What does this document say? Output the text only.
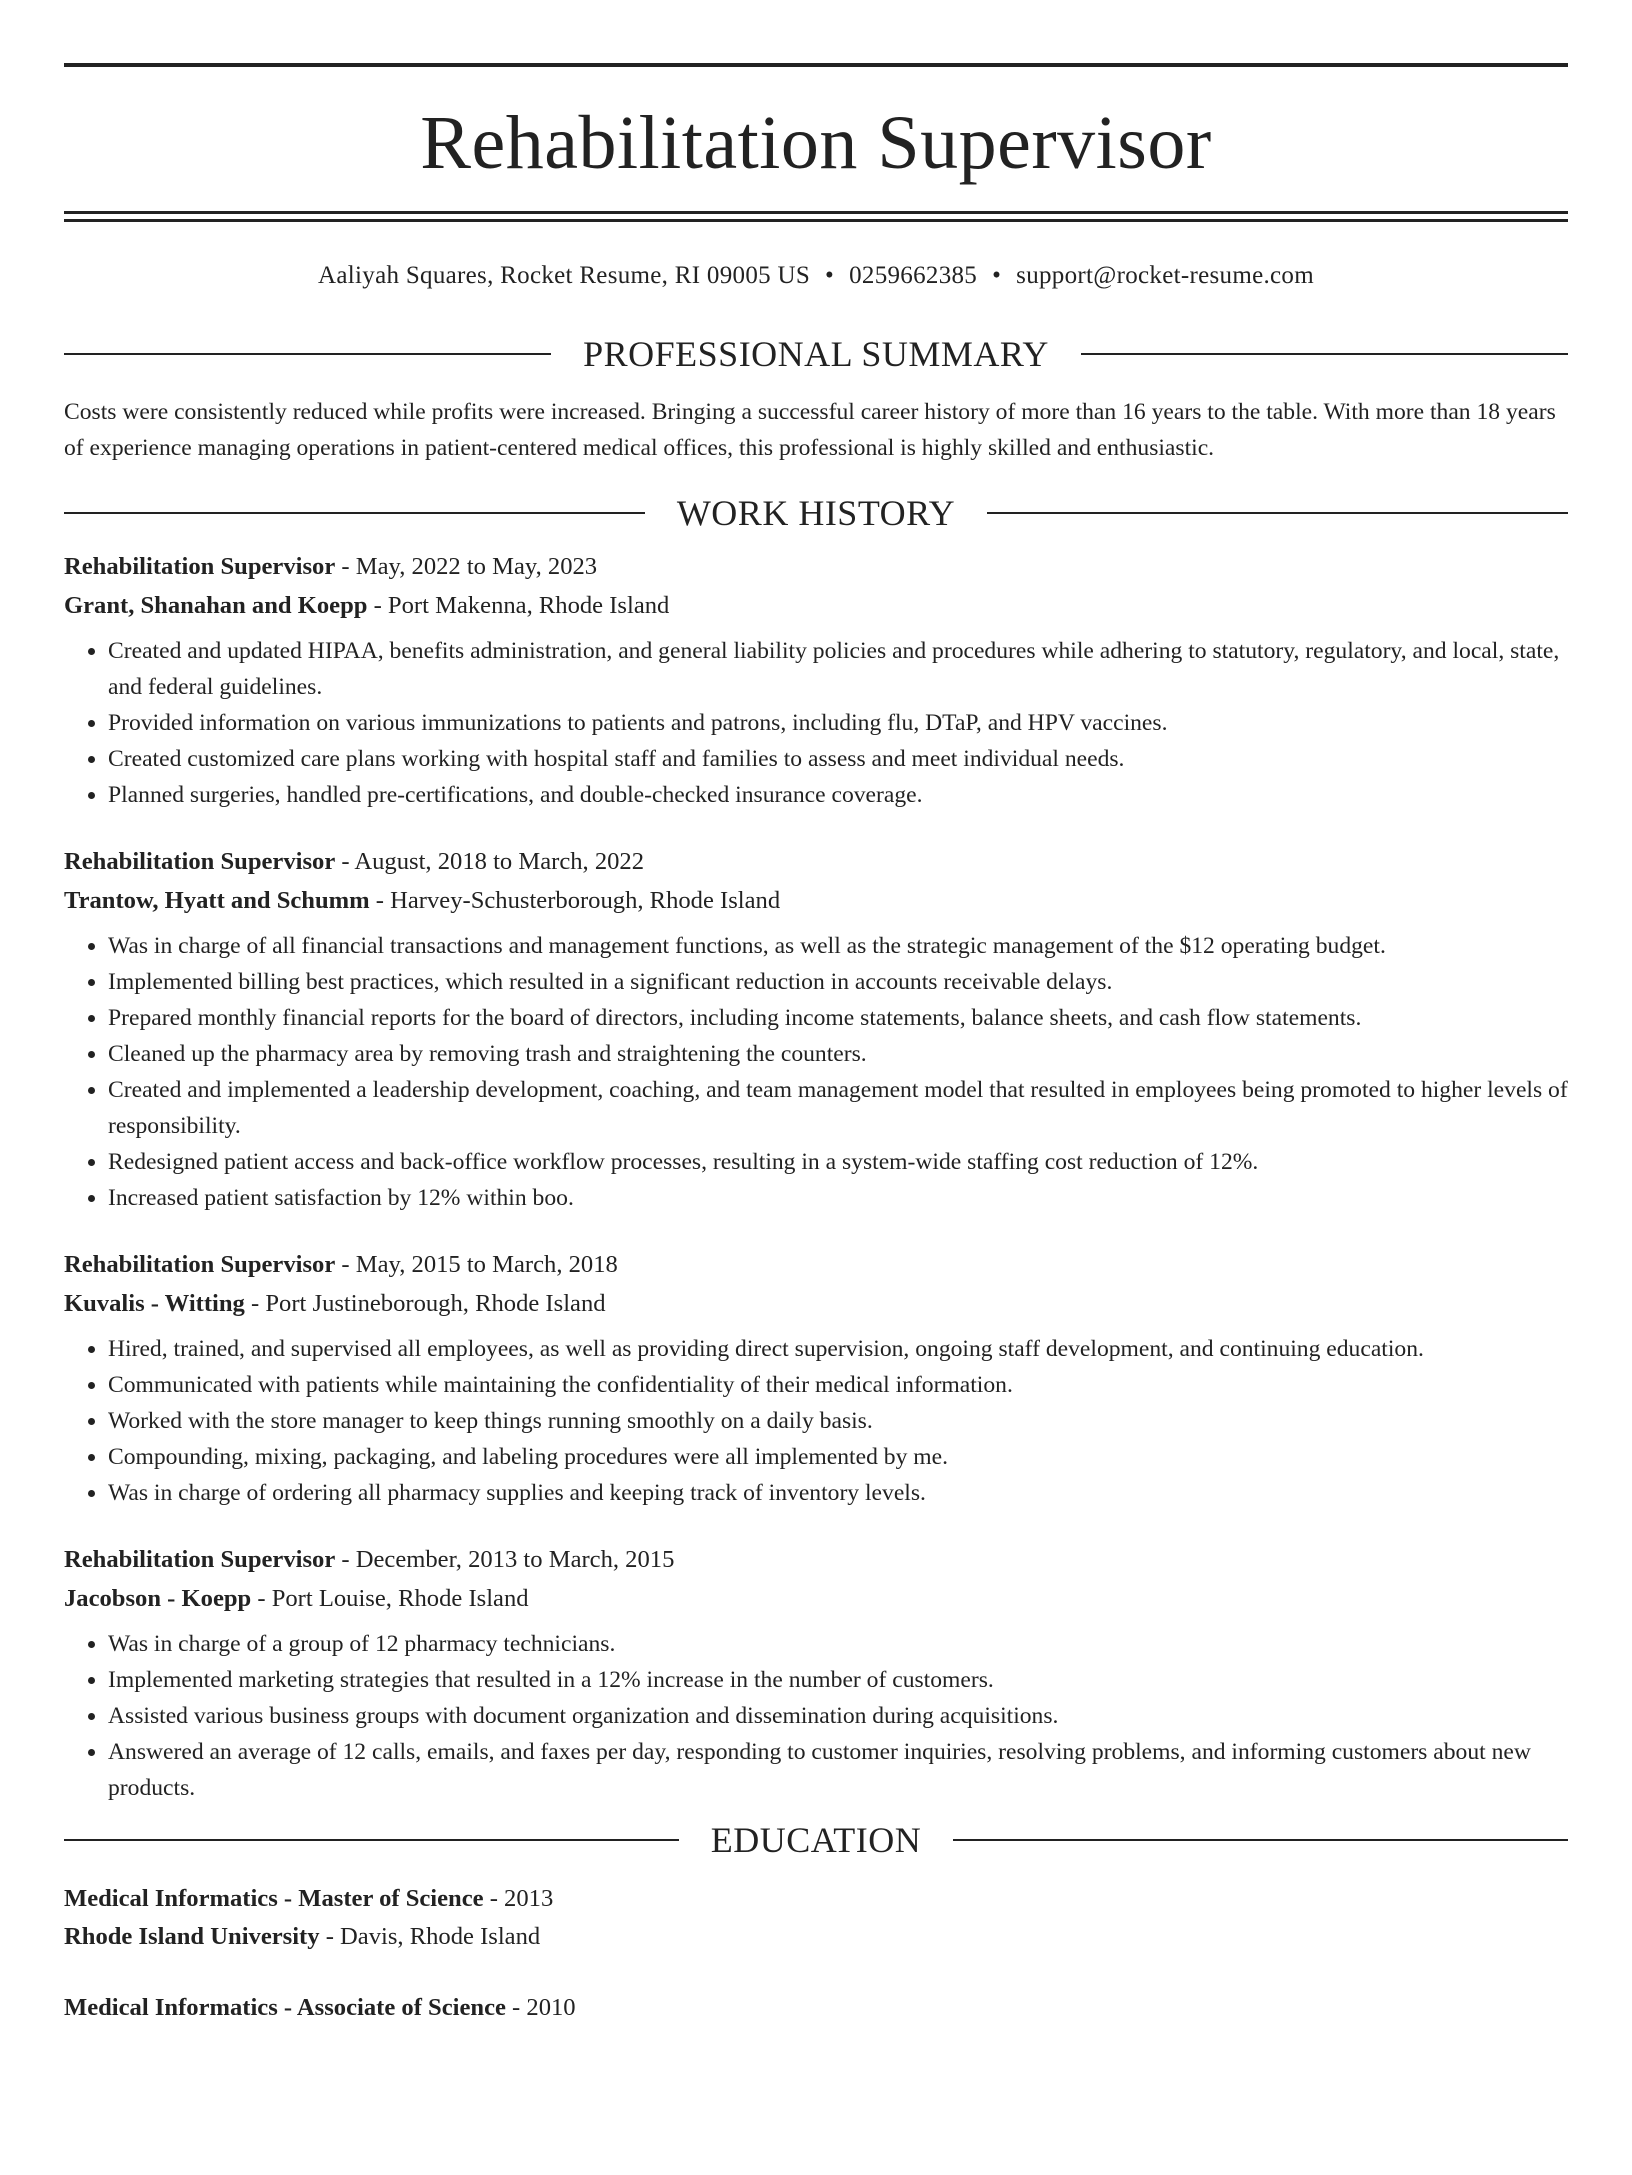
Rehabilitation Supervisor
Aaliyah Squares, Rocket Resume, RI 09005 US • 0259662385 • support@rocket-resume.com
PROFESSIONAL SUMMARY
Costs were consistently reduced while profits were increased. Bringing a successful career history of more than 16 years to the table. With more than 18 years of experience managing operations in patient-centered medical offices, this professional is highly skilled and enthusiastic.
WORK HISTORY
Rehabilitation Supervisor - May, 2022 to May, 2023
Grant, Shanahan and Koepp - Port Makenna, Rhode Island
• Created and updated HIPAA, benefits administration, and general liability policies and procedures while adhering to statutory, regulatory, and local, state, and federal guidelines.
• Provided information on various immunizations to patients and patrons, including flu, DTaP, and HPV vaccines.
• Created customized care plans working with hospital staff and families to assess and meet individual needs.
• Planned surgeries, handled pre-certifications, and double-checked insurance coverage.
Rehabilitation Supervisor - August, 2018 to March, 2022
Trantow, Hyatt and Schumm - Harvey-Schusterborough, Rhode Island
• Was in charge of all financial transactions and management functions, as well as the strategic management of the $12 operating budget.
• Implemented billing best practices, which resulted in a significant reduction in accounts receivable delays.
• Prepared monthly financial reports for the board of directors, including income statements, balance sheets, and cash flow statements.
• Cleaned up the pharmacy area by removing trash and straightening the counters.
• Created and implemented a leadership development, coaching, and team management model that resulted in employees being promoted to higher levels of responsibility.
• Redesigned patient access and back-office workflow processes, resulting in a system-wide staffing cost reduction of 12%.
• Increased patient satisfaction by 12% within boo.
Rehabilitation Supervisor - May, 2015 to March, 2018
Kuvalis - Witting - Port Justineborough, Rhode Island
• Hired, trained, and supervised all employees, as well as providing direct supervision, ongoing staff development, and continuing education.
• Communicated with patients while maintaining the confidentiality of their medical information.
• Worked with the store manager to keep things running smoothly on a daily basis.
• Compounding, mixing, packaging, and labeling procedures were all implemented by me.
• Was in charge of ordering all pharmacy supplies and keeping track of inventory levels.
Rehabilitation Supervisor - December, 2013 to March, 2015
Jacobson - Koepp - Port Louise, Rhode Island
• Was in charge of a group of 12 pharmacy technicians.
• Implemented marketing strategies that resulted in a 12% increase in the number of customers.
• Assisted various business groups with document organization and dissemination during acquisitions.
• Answered an average of 12 calls, emails, and faxes per day, responding to customer inquiries, resolving problems, and informing customers about new products.
EDUCATION
Medical Informatics - Master of Science - 2013
Rhode Island University - Davis, Rhode Island
Medical Informatics - Associate of Science - 2010
